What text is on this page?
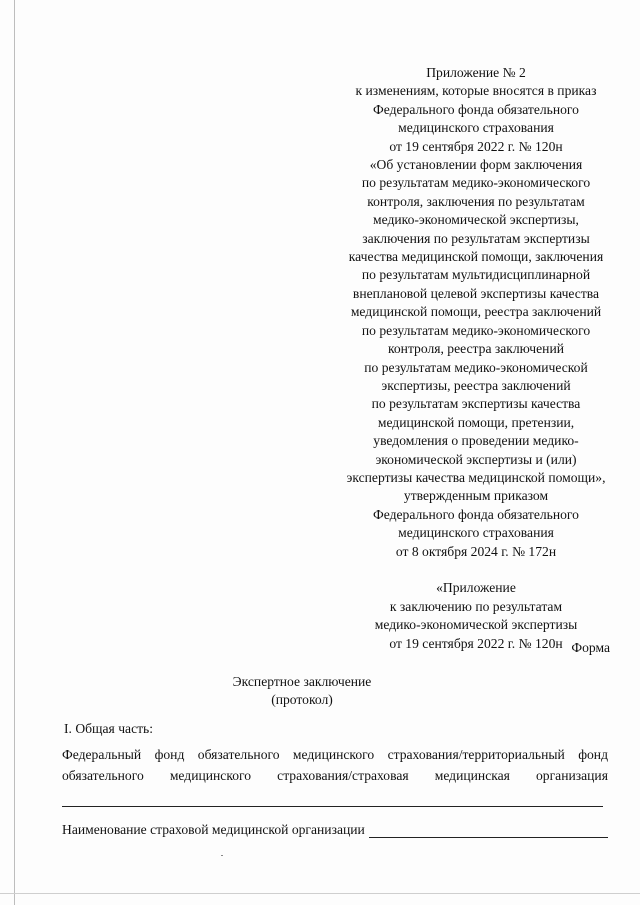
Приложение № 2
к изменениям, которые вносятся в приказ
Федерального фонда обязательного
медицинского страхования
от 19 сентября 2022 г. № 120н
«Об установлении форм заключения
по результатам медико-экономического
контроля, заключения по результатам
медико-экономической экспертизы,
заключения по результатам экспертизы
качества медицинской помощи, заключения
по результатам мультидисциплинарной
внеплановой целевой экспертизы качества
медицинской помощи, реестра заключений
по результатам медико-экономического
контроля, реестра заключений
по результатам медико-экономической
экспертизы, реестра заключений
по результатам экспертизы качества
медицинской помощи, претензии,
уведомления о проведении медико-
экономической экспертизы и (или)
экспертизы качества медицинской помощи»,
утвержденным приказом
Федерального фонда обязательного
медицинского страхования
от 8 октября 2024 г. № 172н
«Приложение
к заключению по результатам
медико-экономической экспертизы
от 19 сентября 2022 г. № 120н Форма
Экспертное заключение
(протокол)
I. Общая часть:
Федеральный фонд обязательного медицинского страхования/территориальный фонд
обязательного медицинского страхования/страховая медицинская организация
Наименование страховой медицинской организации
